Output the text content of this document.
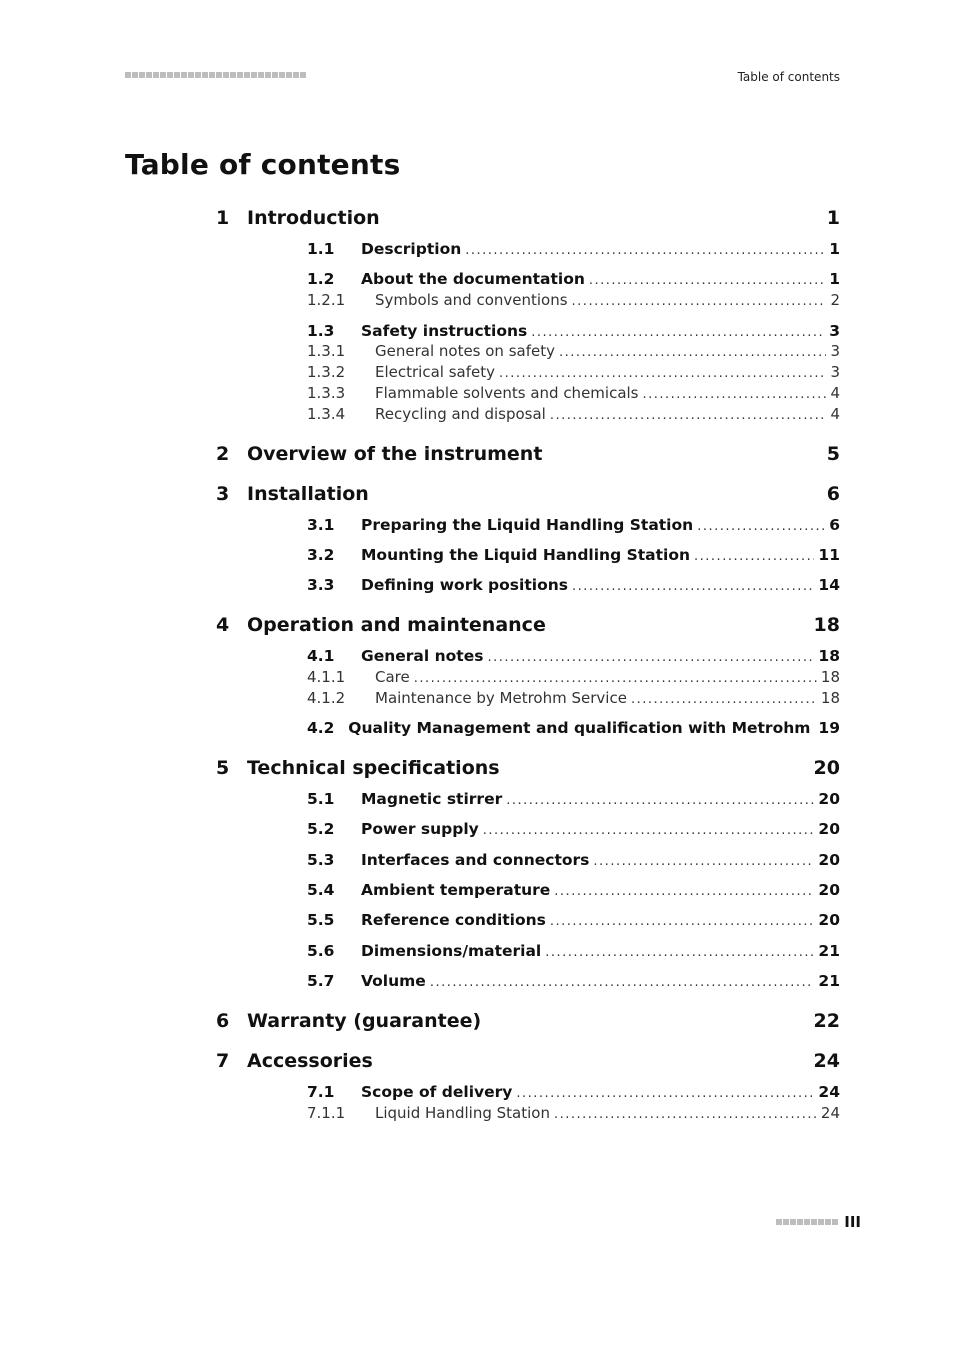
Table of contents
Table of contents
1 Introduction	1
1.1	Description .....	1
1.2	About the documentation .....	1
1.2.1	Symbols and conventions .....	2
1.3	Safety instructions .....	3
1.3.1	General notes on safety .....	3
1.3.2	Electrical safety .....	3
1.3.3	Flammable solvents and chemicals .....	4
1.3.4	Recycling and disposal .....	4
2 Overview of the instrument	5
3 Installation	6
3.1	Preparing the Liquid Handling Station .....	6
3.2	Mounting the Liquid Handling Station .....	11
3.3	Defining work positions .....	14
4 Operation and maintenance	18
4.1	General notes .....	18
4.1.1	Care .....	18
4.1.2	Maintenance by Metrohm Service .....	18
4.2 Quality Management and qualification with Metrohm 19
5 Technical specifications	20
5.1	Magnetic stirrer .....	20
5.2	Power supply .....	20
5.3	Interfaces and connectors .....	20
5.4	Ambient temperature .....	20
5.5	Reference conditions .....	20
5.6	Dimensions/material .....	21
5.7	Volume .....	21
6 Warranty (guarantee)	22
7 Accessories	24
7.1	Scope of delivery .....	24
7.1.1	Liquid Handling Station .....	24
III
